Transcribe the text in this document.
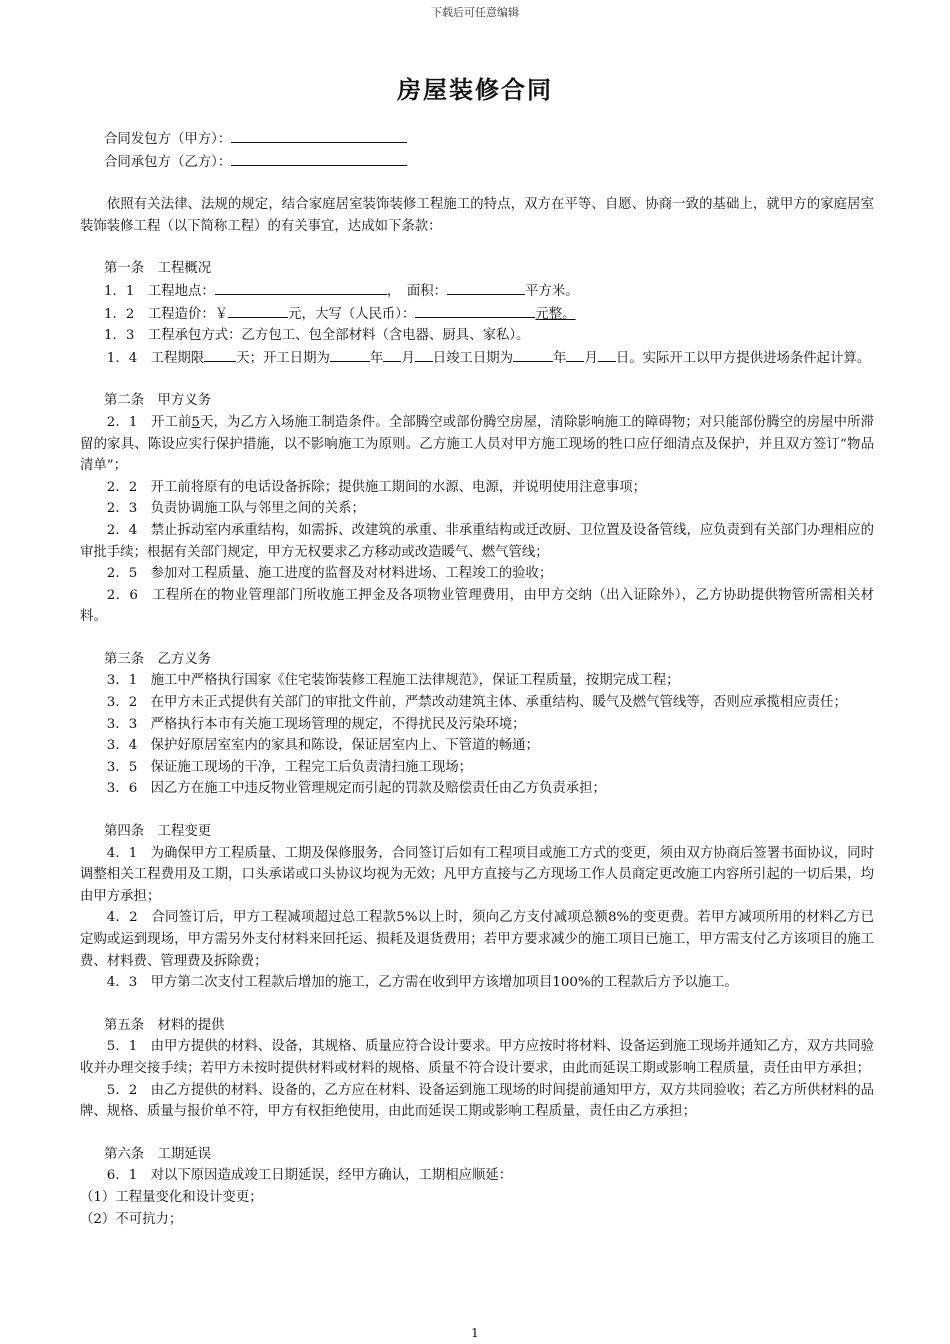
下载后可任意编辑
房屋装修合同
合同发包方（甲方）：
合同承包方（乙方）：
依照有关法律、法规的规定，结合家庭居室装饰装修工程施工的特点，双方在平等、自愿、协商一致的基础上，就甲方的家庭居室装饰装修工程（以下简称工程）的有关事宜，达成如下条款：
第一条　工程概况
1．1　工程地点：	，　面积：	平方米。
1．2　工程造价：￥	元，大写（人民币）：	元整。
1．3　工程承包方式：乙方包工、包全部材料（含电器、厨具、家私）。
1．4　工程期限 天；开工日期为	年 月 日竣工日期为	年 月 日。实际开工以甲方提供进场条件起计算。
第二条　甲方义务
2．1　开工前5天，为乙方入场施工制造条件。全部腾空或部份腾空房屋，清除影响施工的障碍物；对只能部份腾空的房屋中所滞留的家具、陈设应实行保护措施，以不影响施工为原则。乙方施工人员对甲方施工现场的牲口应仔细清点及保护，并且双方签订“物品清单”；
2．2　开工前将原有的电话设备拆除；提供施工期间的水源、电源，并说明使用注意事项；
2．3　负责协调施工队与邻里之间的关系；
2．4　禁止拆动室内承重结构，如需拆、改建筑的承重、非承重结构或迁改厨、卫位置及设备管线，应负责到有关部门办理相应的审批手续；根据有关部门规定，甲方无权要求乙方移动或改造暖气、燃气管线；
2．5　参加对工程质量、施工进度的监督及对材料进场、工程竣工的验收；
2．6　工程所在的物业管理部门所收施工押金及各项物业管理费用，由甲方交纳（出入证除外），乙方协助提供物管所需相关材料。
第三条　乙方义务
3．1　施工中严格执行国家《住宅装饰装修工程施工法律规范》，保证工程质量，按期完成工程；
3．2　在甲方未正式提供有关部门的审批文件前，严禁改动建筑主体、承重结构、暖气及燃气管线等，否则应承揽相应责任；
3．3　严格执行本市有关施工现场管理的规定，不得扰民及污染环境；
3．4　保护好原居室室内的家具和陈设，保证居室内上、下管道的畅通；
3．5　保证施工现场的干净，工程完工后负责清扫施工现场；
3．6　因乙方在施工中违反物业管理规定而引起的罚款及赔偿责任由乙方负责承担；
第四条　工程变更
4．1　为确保甲方工程质量、工期及保修服务，合同签订后如有工程项目或施工方式的变更，须由双方协商后签署书面协议，同时调整相关工程费用及工期，口头承诺或口头协议均视为无效；凡甲方直接与乙方现场工作人员商定更改施工内容所引起的一切后果，均由甲方承担；
4．2　合同签订后，甲方工程减项超过总工程款5%以上时，须向乙方支付减项总额8%的变更费。若甲方减项所用的材料乙方已定购或运到现场，甲方需另外支付材料来回托运、损耗及退货费用；若甲方要求减少的施工项目已施工，甲方需支付乙方该项目的施工费、材料费、管理费及拆除费；
4．3　甲方第二次支付工程款后增加的施工，乙方需在收到甲方该增加项目100%的工程款后方予以施工。
第五条　材料的提供
5．1　由甲方提供的材料、设备，其规格、质量应符合设计要求。甲方应按时将材料、设备运到施工现场并通知乙方，双方共同验收并办理交接手续；若甲方未按时提供材料或材料的规格、质量不符合设计要求，由此而延误工期或影响工程质量，责任由甲方承担；
5．2　由乙方提供的材料、设备的，乙方应在材料、设备运到施工现场的时间提前通知甲方，双方共同验收；若乙方所供材料的品牌、规格、质量与报价单不符，甲方有权拒绝使用，由此而延误工期或影响工程质量，责任由乙方承担；
第六条　工期延误
6．1　对以下原因造成竣工日期延误，经甲方确认，工期相应顺延：
（1）工程量变化和设计变更；
（2）不可抗力；
1
